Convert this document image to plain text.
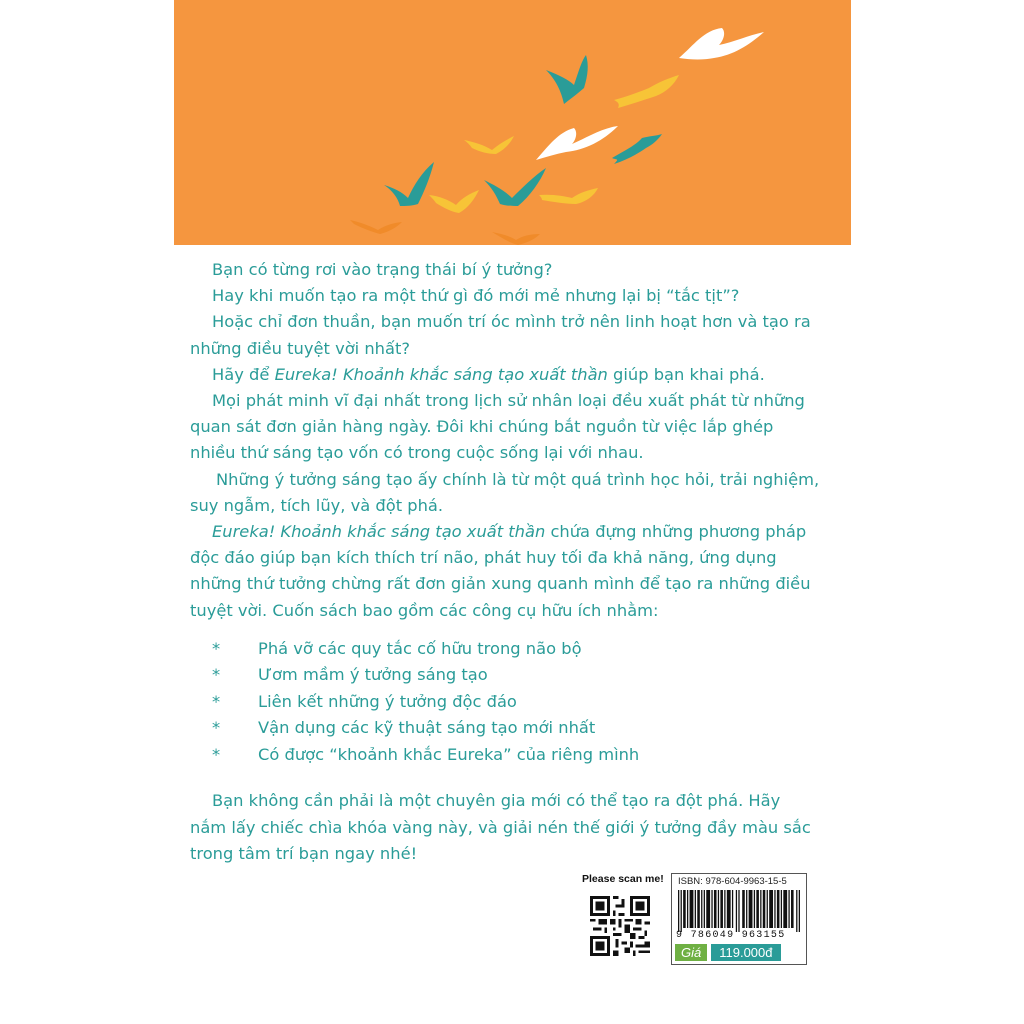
Bạn có từng rơi vào trạng thái bí ý tưởng?

Hay khi muốn tạo ra một thứ gì đó mới mẻ nhưng lại bị “tắc tịt”?

Hoặc chỉ đơn thuần, bạn muốn trí óc mình trở nên linh hoạt hơn và tạo ra những điều tuyệt vời nhất?

Hãy để Eureka! Khoảnh khắc sáng tạo xuất thần giúp bạn khai phá.

Mọi phát minh vĩ đại nhất trong lịch sử nhân loại đều xuất phát từ những quan sát đơn giản hàng ngày. Đôi khi chúng bắt nguồn từ việc lắp ghép nhiều thứ sáng tạo vốn có trong cuộc sống lại với nhau.

Những ý tưởng sáng tạo ấy chính là từ một quá trình học hỏi, trải nghiệm, suy ngẫm, tích lũy, và đột phá.

Eureka! Khoảnh khắc sáng tạo xuất thần chứa đựng những phương pháp độc đáo giúp bạn kích thích trí não, phát huy tối đa khả năng, ứng dụng những thứ tưởng chừng rất đơn giản xung quanh mình để tạo ra những điều tuyệt vời. Cuốn sách bao gồm các công cụ hữu ích nhằm:

* Phá vỡ các quy tắc cố hữu trong não bộ
* Ươm mầm ý tưởng sáng tạo
* Liên kết những ý tưởng độc đáo
* Vận dụng các kỹ thuật sáng tạo mới nhất
* Có được “khoảnh khắc Eureka” của riêng mình

Bạn không cần phải là một chuyên gia mới có thể tạo ra đột phá. Hãy nắm lấy chiếc chìa khóa vàng này, và giải nén thế giới ý tưởng đầy màu sắc trong tâm trí bạn ngay nhé!

Please scan me! ISBN: 978-604-9963-15-5
9 786049 963155
Giá	119.000đ
